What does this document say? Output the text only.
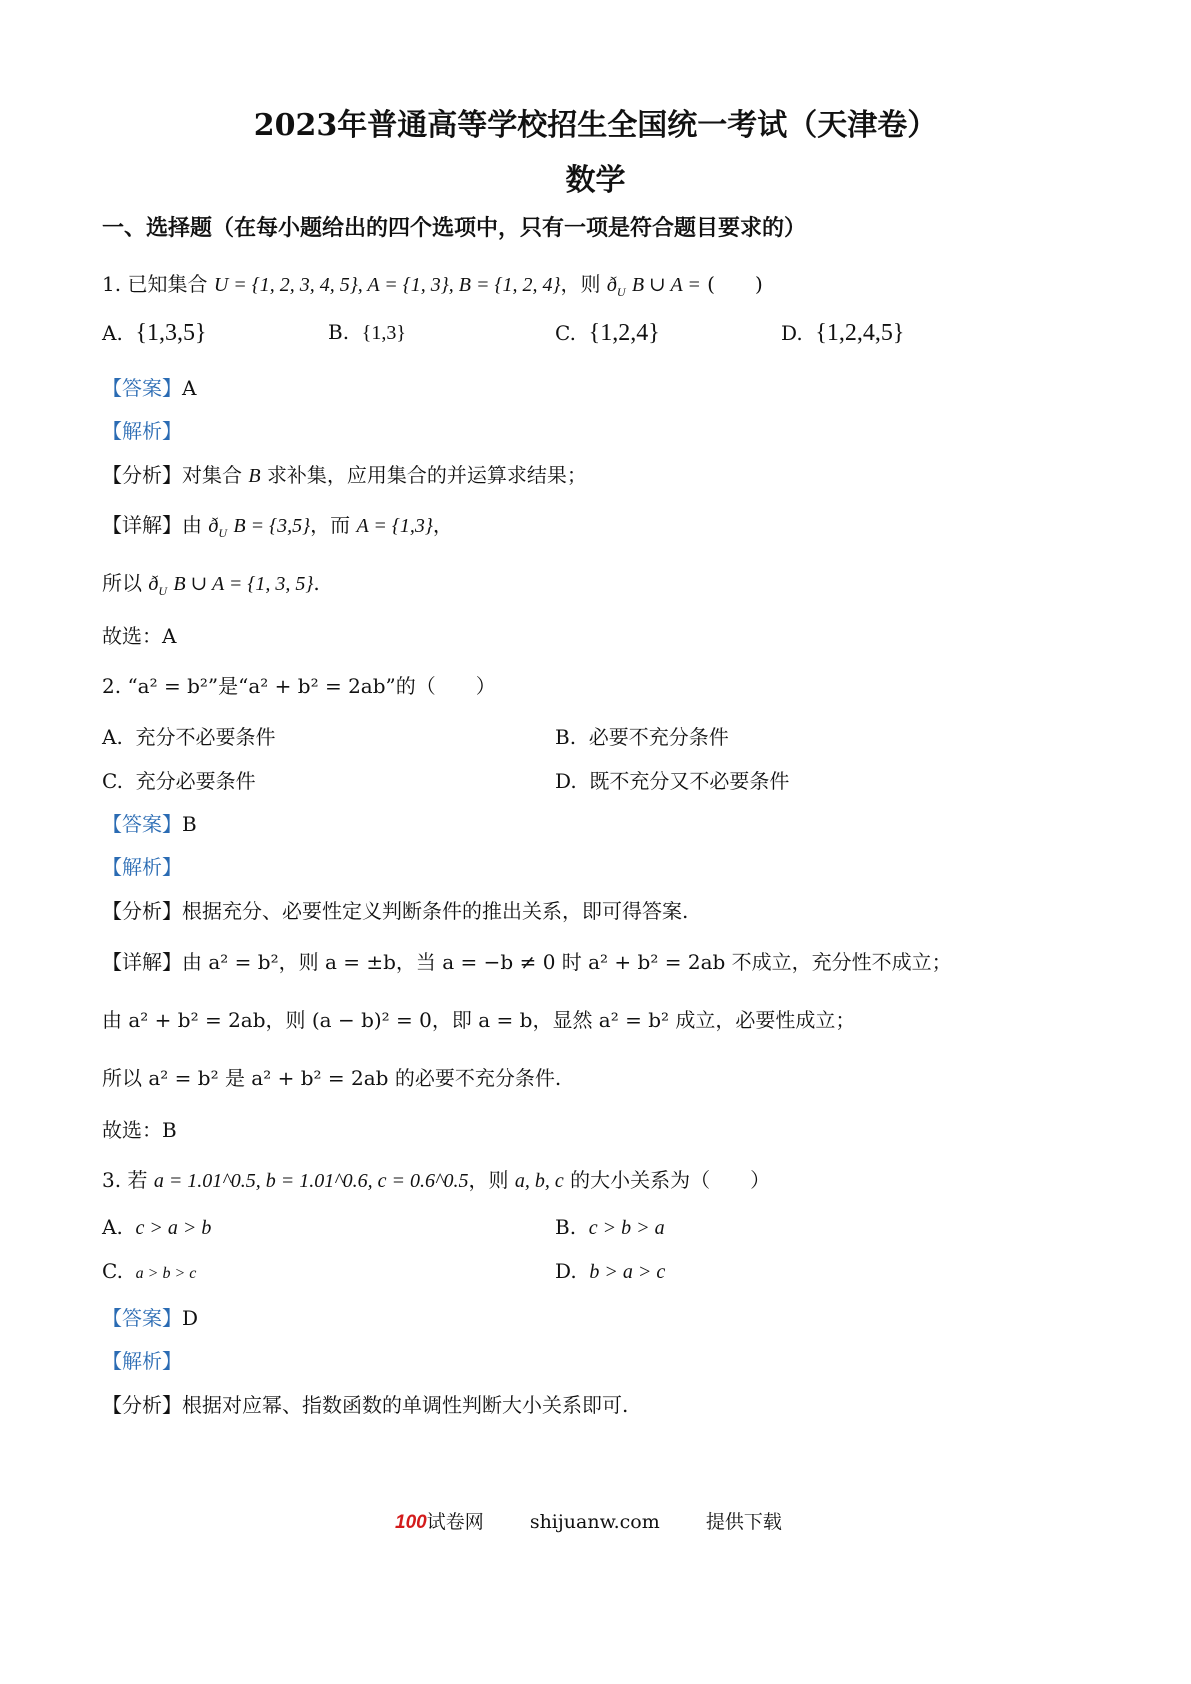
2023年普通高等学校招生全国统一考试（天津卷）
数学
一、选择题（在每小题给出的四个选项中，只有一项是符合题目要求的）
1. 已知集合 U = {1, 2, 3, 4, 5}, A = {1, 3}, B = {1, 2, 4}，则 $ð_U$ B ∪ A = (　　)
A. {1,3,5}	B. {1,3}	C. {1,2,4}	D. {1,2,4,5}
【答案】A
【解析】
【分析】对集合 B 求补集，应用集合的并运算求结果；
【详解】由 $ð_U$ B = {3,5}，而 A = {1,3}，
所以 $ð_U$ B ∪ A = {1, 3, 5}.
故选：A
2. “a² = b²”是“a² + b² = 2ab”的（　　）
A. 充分不必要条件	B. 必要不充分条件
C. 充分必要条件	D. 既不充分又不必要条件
【答案】B
【解析】
【分析】根据充分、必要性定义判断条件的推出关系，即可得答案.
【详解】由 a² = b²，则 a = ±b，当 a = −b ≠ 0 时 a² + b² = 2ab 不成立，充分性不成立；
由 a² + b² = 2ab，则 (a − b)² = 0，即 a = b，显然 a² = b² 成立，必要性成立；
所以 a² = b² 是 a² + b² = 2ab 的必要不充分条件.
故选：B
3. 若 a = 1.01^0.5, b = 1.01^0.6, c = 0.6^0.5，则 a, b, c 的大小关系为（　　）
A. c > a > b	B. c > b > a
C. a > b > c	D. b > a > c
【答案】D
【解析】
【分析】根据对应幂、指数函数的单调性判断大小关系即可.
100试卷网 shijuanw.com 提供下载
